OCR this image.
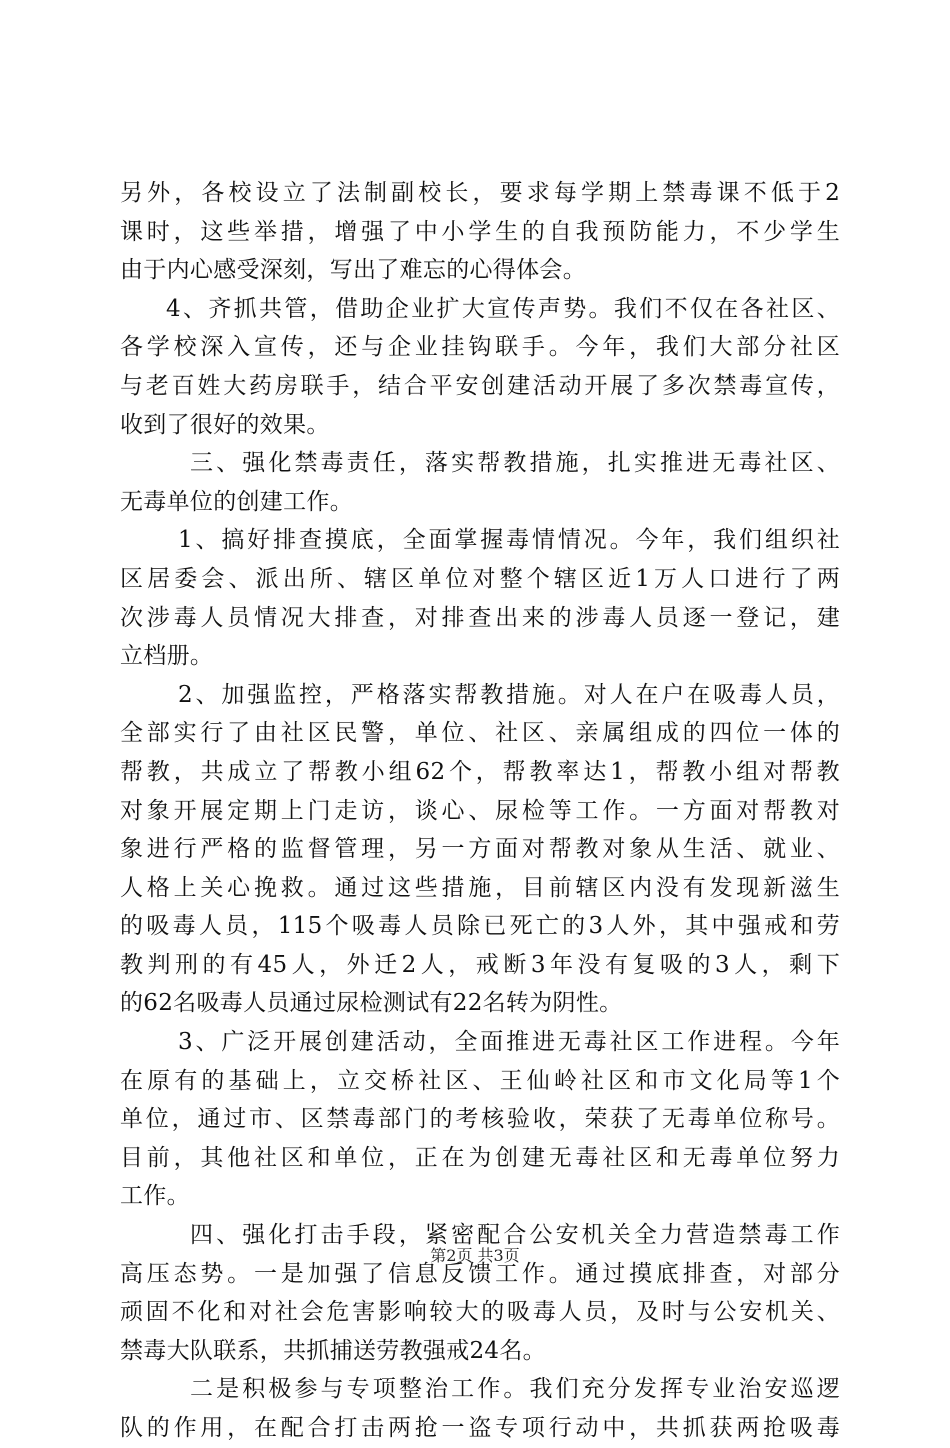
另外，各校设立了法制副校长，要求每学期上禁毒课不低于2
课时，这些举措，增强了中小学生的自我预防能力，不少学生
由于内心感受深刻，写出了难忘的心得体会。
4、齐抓共管，借助企业扩大宣传声势。我们不仅在各社区、
各学校深入宣传，还与企业挂钩联手。今年，我们大部分社区
与老百姓大药房联手，结合平安创建活动开展了多次禁毒宣传，
收到了很好的效果。
三、强化禁毒责任，落实帮教措施，扎实推进无毒社区、
无毒单位的创建工作。
1、搞好排查摸底，全面掌握毒情情况。今年，我们组织社
区居委会、派出所、辖区单位对整个辖区近1万人口进行了两
次涉毒人员情况大排查，对排查出来的涉毒人员逐一登记，建
立档册。
2、加强监控，严格落实帮教措施。对人在户在吸毒人员，
全部实行了由社区民警，单位、社区、亲属组成的四位一体的
帮教，共成立了帮教小组62个，帮教率达1，帮教小组对帮教
对象开展定期上门走访，谈心、尿检等工作。一方面对帮教对
象进行严格的监督管理，另一方面对帮教对象从生活、就业、
人格上关心挽救。通过这些措施，目前辖区内没有发现新滋生
的吸毒人员，115个吸毒人员除已死亡的3人外，其中强戒和劳
教判刑的有45人，外迁2人，戒断3年没有复吸的3人，剩下
的62名吸毒人员通过尿检测试有22名转为阴性。
3、广泛开展创建活动，全面推进无毒社区工作进程。今年
在原有的基础上，立交桥社区、王仙岭社区和市文化局等1个
单位，通过市、区禁毒部门的考核验收，荣获了无毒单位称号。
目前，其他社区和单位，正在为创建无毒社区和无毒单位努力
工作。
四、强化打击手段，紧密配合公安机关全力营造禁毒工作
高压态势。一是加强了信息反馈工作。通过摸底排查，对部分
顽固不化和对社会危害影响较大的吸毒人员，及时与公安机关、
禁毒大队联系，共抓捕送劳教强戒24名。
二是积极参与专项整治工作。我们充分发挥专业治安巡逻
队的作用，在配合打击两抢一盗专项行动中，共抓获两抢吸毒
第2页 共3页
